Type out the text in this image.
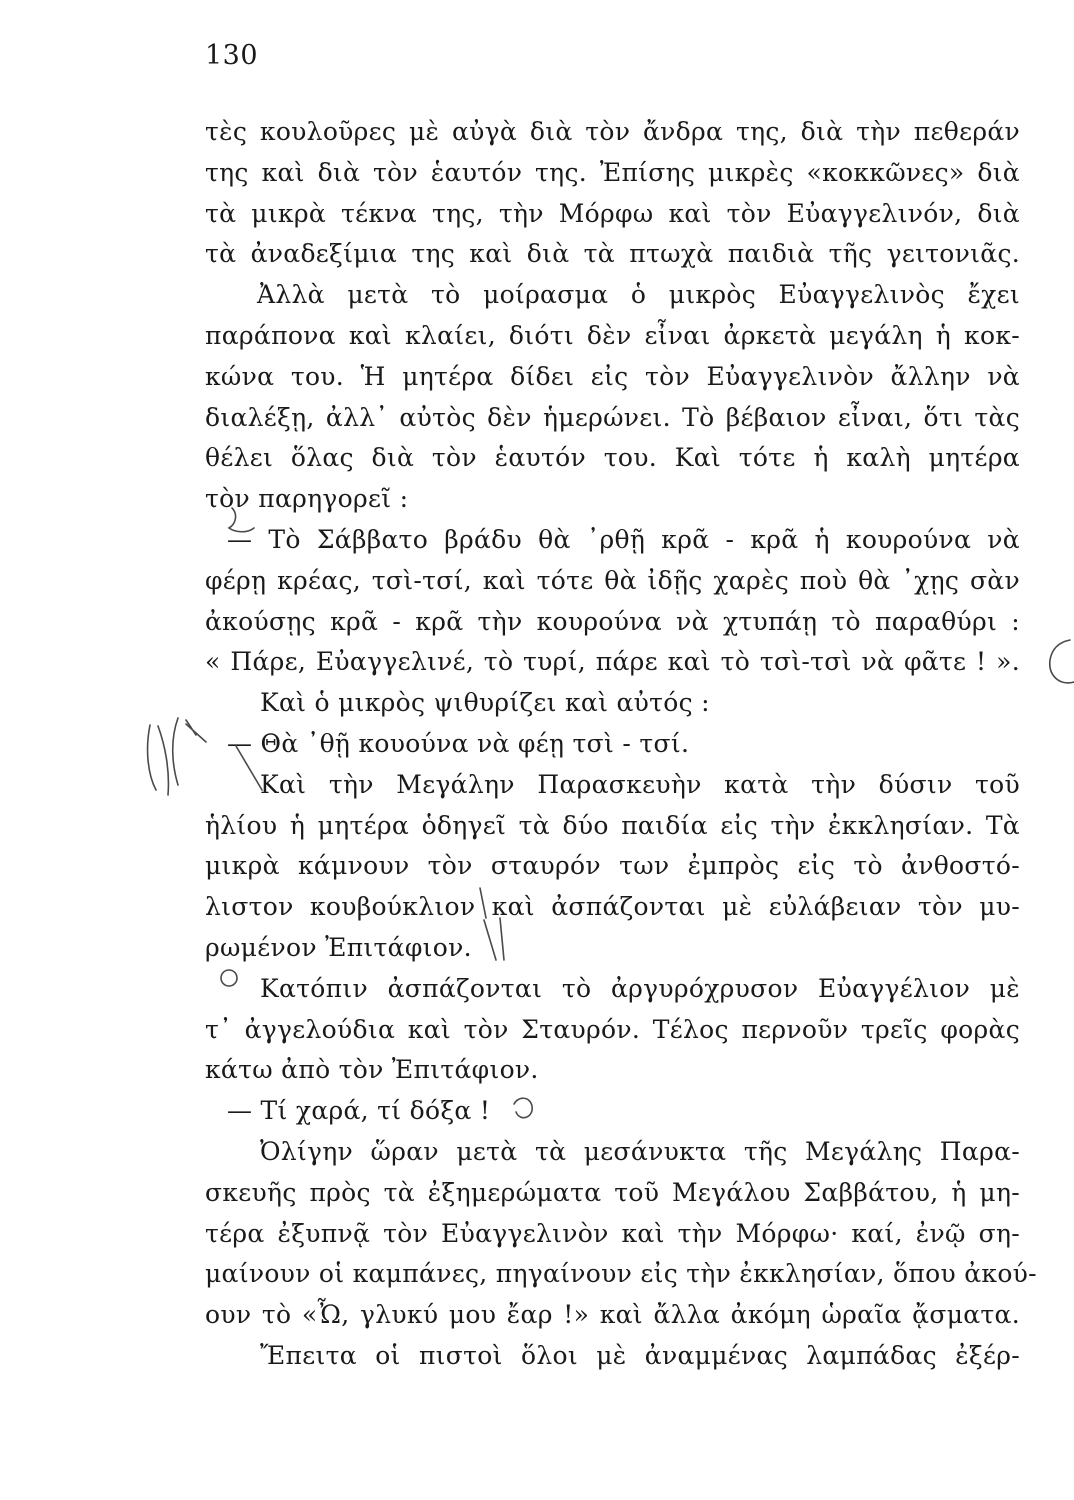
130
τὲς κουλοῦρες μὲ αὐγὰ διὰ τὸν ἄνδρα της, διὰ τὴν πεθεράν
της καὶ διὰ τὸν ἑαυτόν της. Ἐπίσης μικρὲς «κοκκῶνες» διὰ
τὰ μικρὰ τέκνα της, τὴν Μόρφω καὶ τὸν Εὐαγγελινόν, διὰ
τὰ ἀναδεξίμια της καὶ διὰ τὰ πτωχὰ παιδιὰ τῆς γειτονιᾶς.
Ἀλλὰ μετὰ τὸ μοίρασμα ὁ μικρὸς Εὐαγγελινὸς ἔχει
παράπονα καὶ κλαίει, διότι δὲν εἶναι ἀρκετὰ μεγάλη ἡ κοκ-
κώνα του. Ἡ μητέρα δίδει εἰς τὸν Εὐαγγελινὸν ἄλλην νὰ
διαλέξῃ, ἀλλ᾽ αὐτὸς δὲν ἡμερώνει. Τὸ βέβαιον εἶναι, ὅτι τὰς
θέλει ὅλας διὰ τὸν ἑαυτόν του. Καὶ τότε ἡ καλὴ μητέρα
τὸν παρηγορεῖ :
— Τὸ Σάββατο βράδυ θὰ ᾽ρθῇ κρᾶ - κρᾶ ἡ κουρούνα νὰ
φέρῃ κρέας, τσὶ-τσί, καὶ τότε θὰ ἰδῇς χαρὲς ποὺ θὰ ᾽χῃς σὰν
ἀκούσῃς κρᾶ - κρᾶ τὴν κουρούνα νὰ χτυπάῃ τὸ παραθύρι :
« Πάρε, Εὐαγγελινέ, τὸ τυρί, πάρε καὶ τὸ τσὶ-τσὶ νὰ φᾶτε ! ».
Καὶ ὁ μικρὸς ψιθυρίζει καὶ αὐτός :
— Θὰ ᾽θῇ κουούνα νὰ φέῃ τσὶ - τσί.
Καὶ τὴν Μεγάλην Παρασκευὴν κατὰ τὴν δύσιν τοῦ
ἡλίου ἡ μητέρα ὁδηγεῖ τὰ δύο παιδία εἰς τὴν ἐκκλησίαν. Τὰ
μικρὰ κάμνουν τὸν σταυρόν των ἐμπρὸς εἰς τὸ ἀνθοστό-
λιστον κουβούκλιον καὶ ἀσπάζονται μὲ εὐλάβειαν τὸν μυ-
ρωμένον Ἐπιτάφιον.
Κατόπιν ἀσπάζονται τὸ ἀργυρόχρυσον Εὐαγγέλιον μὲ
τ᾽ ἀγγελούδια καὶ τὸν Σταυρόν. Τέλος περνοῦν τρεῖς φορὰς
κάτω ἀπὸ τὸν Ἐπιτάφιον.
— Τί χαρά, τί δόξα !
Ὀλίγην ὥραν μετὰ τὰ μεσάνυκτα τῆς Μεγάλης Παρα-
σκευῆς πρὸς τὰ ἐξημερώματα τοῦ Μεγάλου Σαββάτου, ἡ μη-
τέρα ἐξυπνᾷ τὸν Εὐαγγελινὸν καὶ τὴν Μόρφω· καί, ἐνῷ ση-
μαίνουν οἱ καμπάνες, πηγαίνουν εἰς τὴν ἐκκλησίαν, ὅπου ἀκού-
ουν τὸ «Ὦ, γλυκύ μου ἔαρ !» καὶ ἄλλα ἀκόμη ὡραῖα ᾄσματα.
Ἔπειτα οἱ πιστοὶ ὅλοι μὲ ἀναμμένας λαμπάδας ἐξέρ-
